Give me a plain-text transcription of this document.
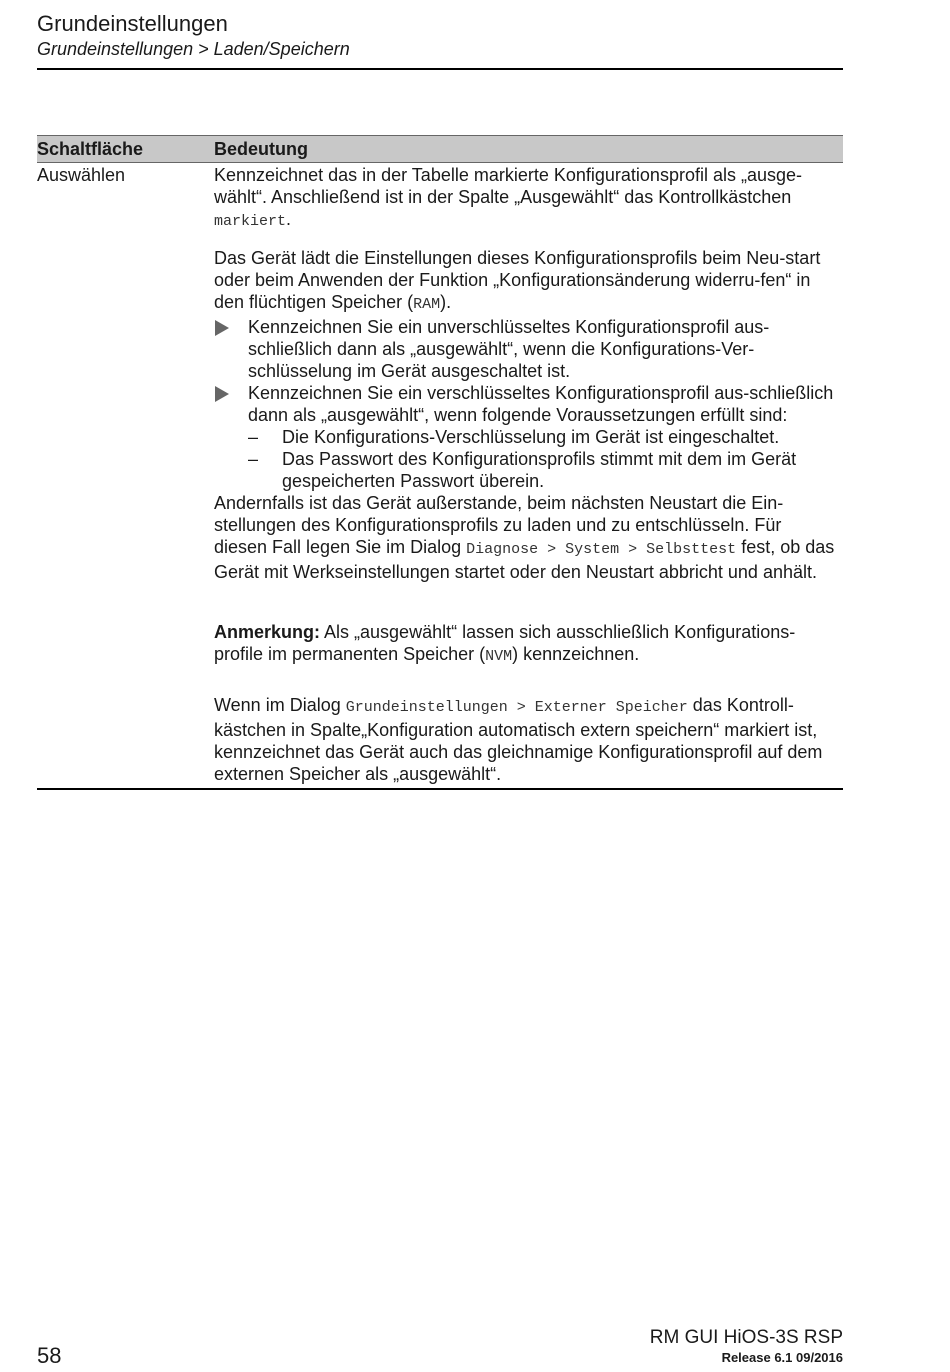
Grundeinstellungen
Grundeinstellungen > Laden/Speichern
Schaltfläche	Bedeutung
Auswählen	Kennzeichnet das in der Tabelle markierte Konfigurationsprofil als „ausge-wählt“. Anschließend ist in der Spalte „Ausgewählt“ das Kontrollkästchen markiert.

Das Gerät lädt die Einstellungen dieses Konfigurationsprofils beim Neu-start oder beim Anwenden der Funktion „Konfigurationsänderung widerru-fen“ in den flüchtigen Speicher (RAM).

Kennzeichnen Sie ein unverschlüsseltes Konfigurationsprofil aus-schließlich dann als „ausgewählt“, wenn die Konfigurations-Ver-schlüsselung im Gerät ausgeschaltet ist.
Kennzeichnen Sie ein verschlüsseltes Konfigurationsprofil aus-schließlich dann als „ausgewählt“, wenn folgende Voraussetzungen erfüllt sind:
– Die Konfigurations-Verschlüsselung im Gerät ist eingeschaltet.
– Das Passwort des Konfigurationsprofils stimmt mit dem im Gerät gespeicherten Passwort überein.

Andernfalls ist das Gerät außerstande, beim nächsten Neustart die Ein-stellungen des Konfigurationsprofils zu laden und zu entschlüsseln. Für diesen Fall legen Sie im Dialog Diagnose > System > Selbsttest fest, ob das Gerät mit Werkseinstellungen startet oder den Neustart abbricht und anhält.

Anmerkung: Als „ausgewählt“ lassen sich ausschließlich Konfigurations-profile im permanenten Speicher (NVM) kennzeichnen.

Wenn im Dialog Grundeinstellungen > Externer Speicher das Kontroll-kästchen in Spalte„Konfiguration automatisch extern speichern“ markiert ist, kennzeichnet das Gerät auch das gleichnamige Konfigurationsprofil auf dem externen Speicher als „ausgewählt“.

58
RM GUI HiOS-3S RSP
Release 6.1 09/2016
